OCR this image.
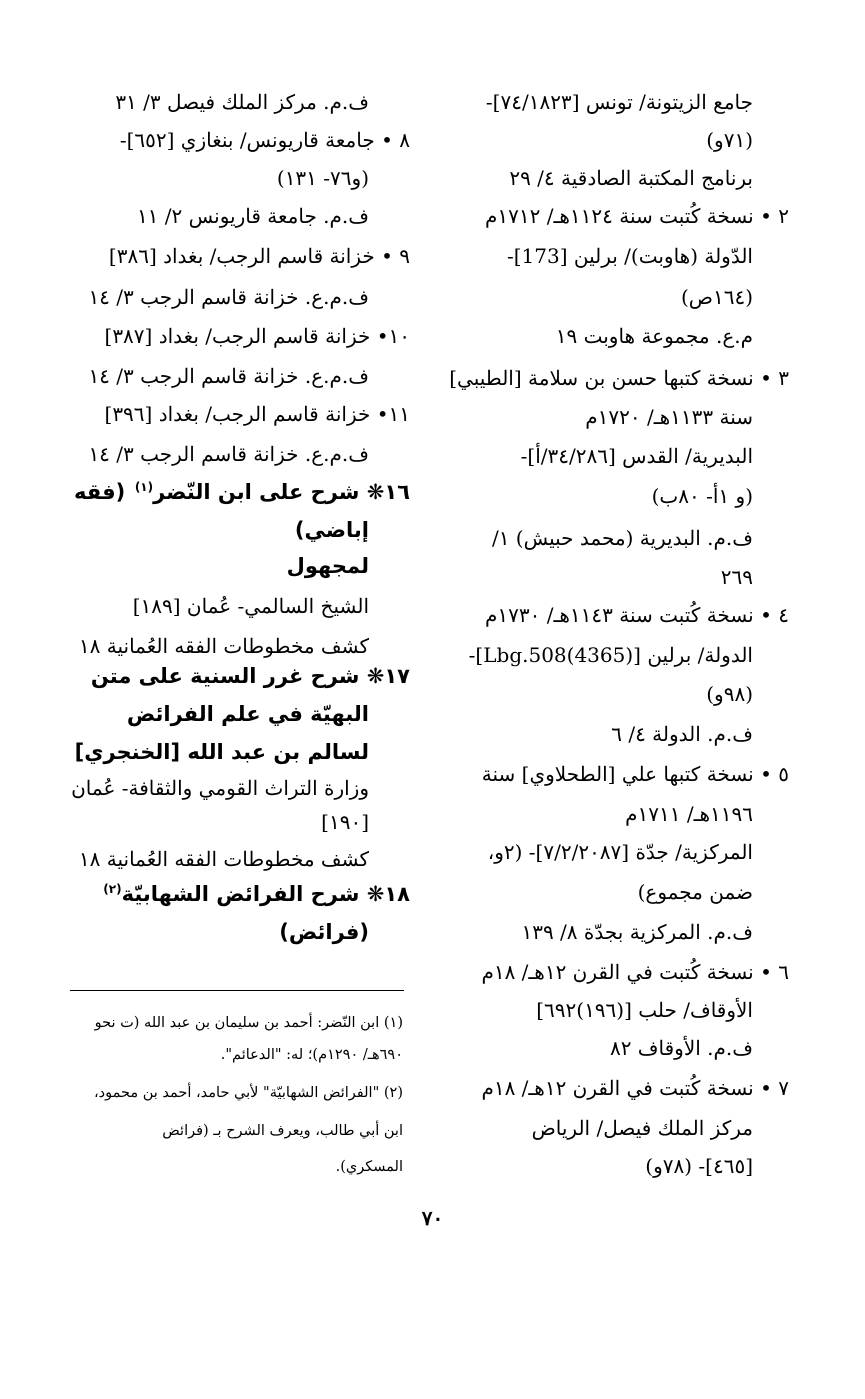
جامع الزيتونة/ تونس [٧٤/١٨٢٣]-
(٧١و)
برنامج المكتبة الصادقية ٤/ ٢٩
٢ • نسخة كُتبت سنة ١١٢٤هـ/ ١٧١٢م
الدّولة (هاوبت)/ برلين [173]-
(١٦٤ص)
م.ع. مجموعة هاوبت ١٩
٣ • نسخة كتبها حسن بن سلامة [الطيبي]
سنة ١١٣٣هـ/ ١٧٢٠م
البديرية/ القدس [٣٤/٢٨٦/أ]-
(و ١أ- ٨٠ب)
ف.م. البديرية (محمد حبيش) ١/
٢٦٩
٤ • نسخة كُتبت سنة ١١٤٣هـ/ ١٧٣٠م
الدولة/ برلين [Lbg.508(4365)]-
(٩٨و)
ف.م. الدولة ٤/ ٦
٥ • نسخة كتبها علي [الطحلاوي] سنة
١١٩٦هـ/ ١٧١١م
المركزية/ جدّة [٧/٢/٢٠٨٧]- (٢و،
ضمن مجموع)
ف.م. المركزية بجدّة ٨/ ١٣٩
٦ • نسخة كُتبت في القرن ١٢هـ/ ١٨م
الأوقاف/ حلب [(١٩٦)٦٩٢]
ف.م. الأوقاف ٨٢
٧ • نسخة كُتبت في القرن ١٢هـ/ ١٨م
مركز الملك فيصل/ الرياض
[٤٦٥]- (٧٨و)
ف.م. مركز الملك فيصل ٣/ ٣١
٨ • جامعة قاريونس/ بنغازي [٦٥٢]-
(و٧٦- ١٣١)
ف.م. جامعة قاريونس ٢/ ١١
٩ • خزانة قاسم الرجب/ بغداد [٣٨٦]
ف.م.ع. خزانة قاسم الرجب ٣/ ١٤
١٠• خزانة قاسم الرجب/ بغداد [٣٨٧]
ف.م.ع. خزانة قاسم الرجب ٣/ ١٤
١١• خزانة قاسم الرجب/ بغداد [٣٩٦]
ف.م.ع. خزانة قاسم الرجب ٣/ ١٤
١٦❋ شرح على ابن النّضر$^{(١)}$
(فقه
إباضي)
لمجهول
الشيخ السالمي- عُمان [١٨٩]
كشف مخطوطات الفقه العُمانية ١٨
١٧❋ شرح غرر السنية على متن
البهيّة في علم الفرائض
لسالم بن عبد الله [الخنجري]
وزارة التراث القومي والثقافة- عُمان
[١٩٠]
كشف مخطوطات الفقه العُمانية ١٨
١٨❋ شرح الفرائض الشهابيّة$^{(٢)}$
(فرائض)
(١) ابن النّضر: أحمد بن سليمان بن عبد الله (ت نحو
٦٩٠هـ/ ١٢٩٠م)؛ له: "الدعائم".
(٢) "الفرائض الشهابيّة" لأبي حامد، أحمد بن محمود،
ابن أبي طالب، ويعرف الشرح بـ (فرائض
المسكري).
٧٠
